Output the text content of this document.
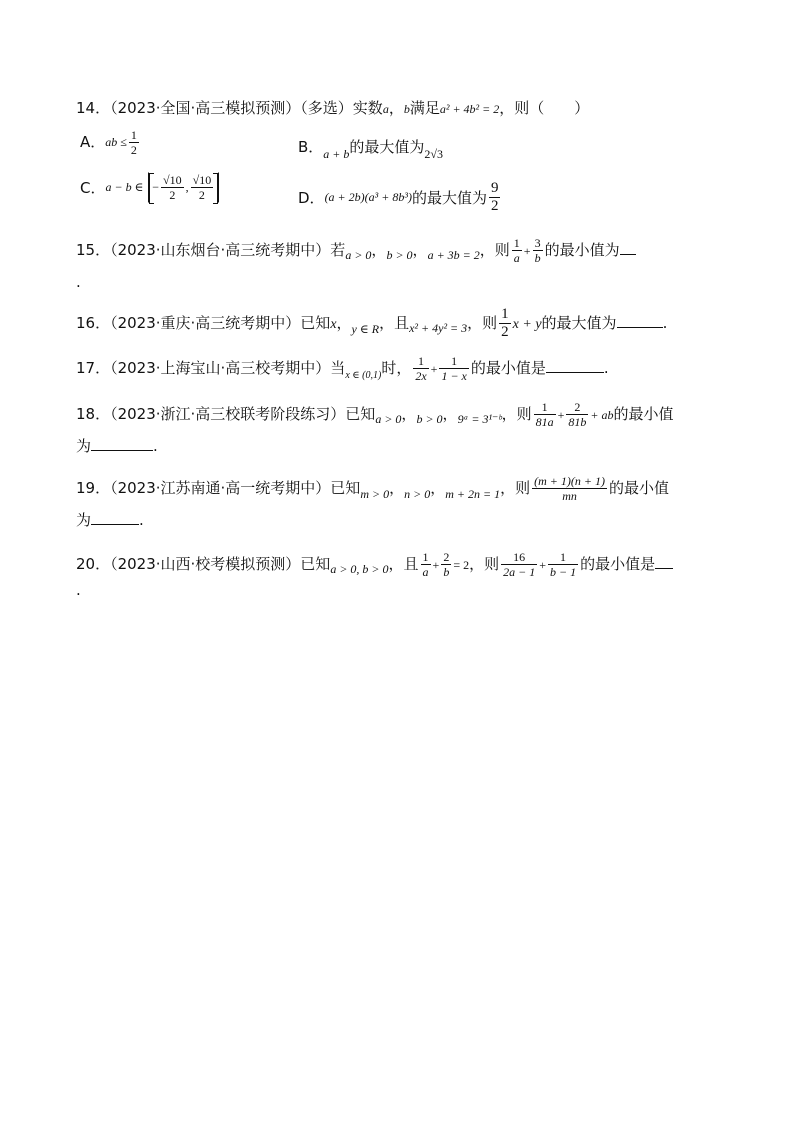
14．（2023·全国·高三模拟预测）（多选）实数a，b满足a² + 4b² = 2，则（　　）
A．ab ≤ $\frac{1}{2}$	B．$_{a + b}$的最大值为$_{2√3}$
C．a − b ∈ − $\frac{√10}{2}$ , $\frac{√10}{2}$	D．(a + 2b)(a³ + 8b³)的最大值为 $\frac{9}{2}$
15．（2023·山东烟台·高三统考期中）若$_{a > 0}$，$_{b > 0}$，$_{a + 3b = 2}$，则 $\frac{1}{a} + \frac{3}{b}$ 的最小值为
.
16．（2023·重庆·高三统考期中）已知x，$_{y \in R}$，且$_{x^2 + 4y^2 = 3}$，则 $\frac{1}{2}$ x + y的最大值为	.
17．（2023·上海宝山·高三校考期中）当$_{x \in (0,1)}$时， $\frac{1}{2x} + \frac{1}{1 - x}$ 的最小值是	.
18．（2023·浙江·高三校联考阶段练习）已知$_{a > 0}$，$_{b > 0}$，$_{9ᵃ = 3^{1-}ᵇ}$，则 $\frac{1}{81a} + \frac{2}{81b}$ + ab的最小值
为	.
19．（2023·江苏南通·高一统考期中）已知$_{m > 0}$，$_{n > 0}$，$_{m + 2n = 1}$，则 $\frac{(m + 1)(n + 1)}{mn}$ 的最小值
为	.
20．（2023·山西·校考模拟预测）已知$_{a > 0, b > 0}$，且 $\frac{1}{a} + \frac{2}{b} = 2$，则 $\frac{16}{2a - 1} + \frac{1}{b - 1}$ 的最小值是
.
